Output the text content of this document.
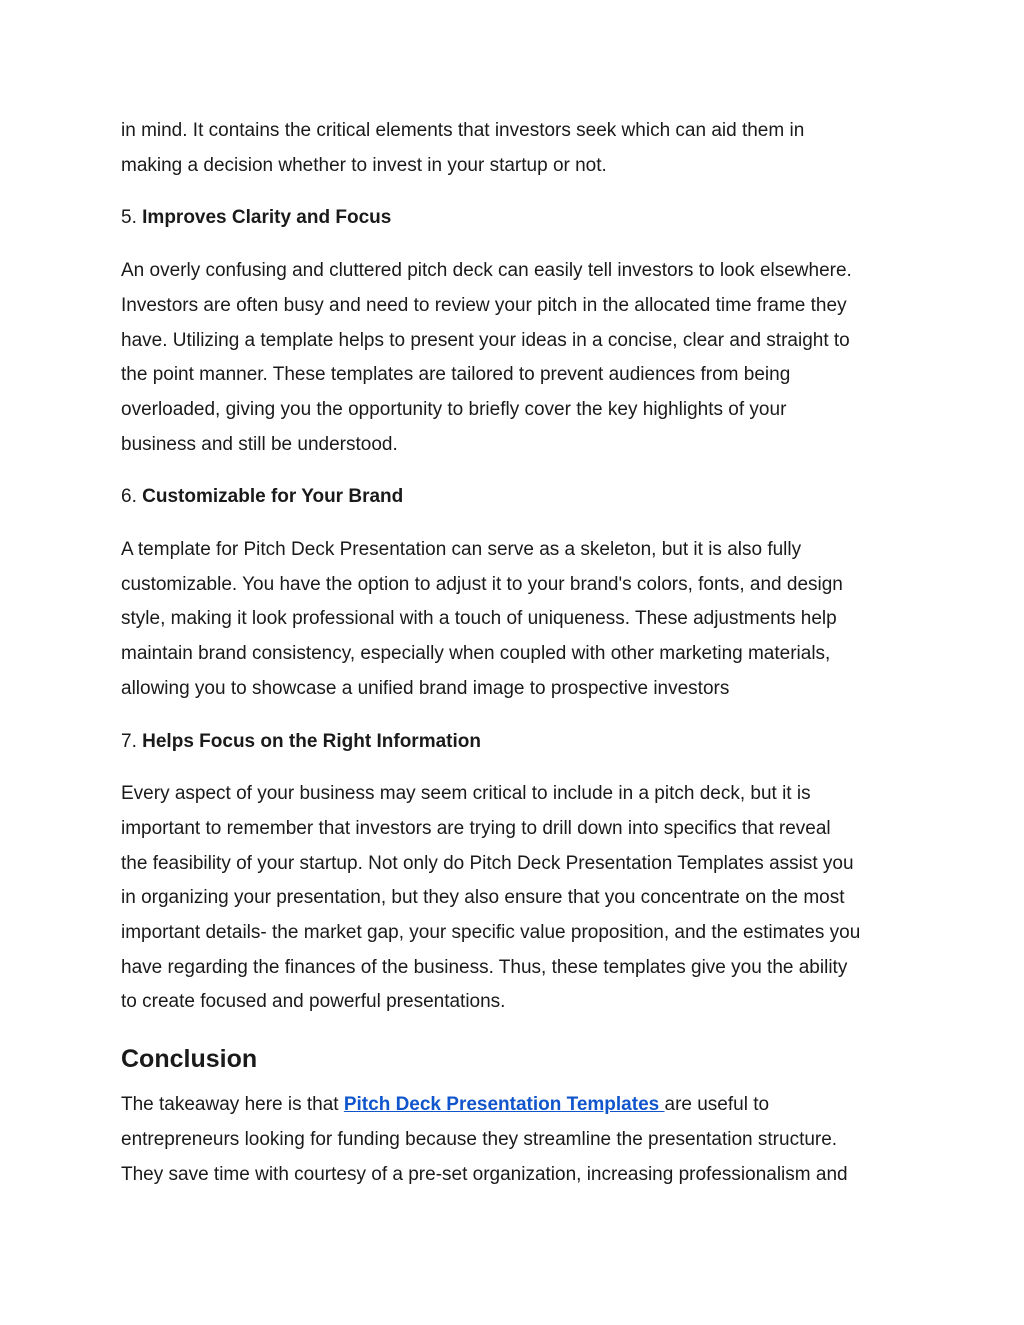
in mind. It contains the critical elements that investors seek which can aid them in
making a decision whether to invest in your startup or not.

5. Improves Clarity and Focus

An overly confusing and cluttered pitch deck can easily tell investors to look elsewhere.
Investors are often busy and need to review your pitch in the allocated time frame they
have. Utilizing a template helps to present your ideas in a concise, clear and straight to
the point manner. These templates are tailored to prevent audiences from being
overloaded, giving you the opportunity to briefly cover the key highlights of your
business and still be understood.

6. Customizable for Your Brand

A template for Pitch Deck Presentation can serve as a skeleton, but it is also fully
customizable. You have the option to adjust it to your brand's colors, fonts, and design
style, making it look professional with a touch of uniqueness. These adjustments help
maintain brand consistency, especially when coupled with other marketing materials,
allowing you to showcase a unified brand image to prospective investors

7. Helps Focus on the Right Information

Every aspect of your business may seem critical to include in a pitch deck, but it is
important to remember that investors are trying to drill down into specifics that reveal
the feasibility of your startup. Not only do Pitch Deck Presentation Templates assist you
in organizing your presentation, but they also ensure that you concentrate on the most
important details- the market gap, your specific value proposition, and the estimates you
have regarding the finances of the business. Thus, these templates give you the ability
to create focused and powerful presentations.

Conclusion

The takeaway here is that Pitch Deck Presentation Templates are useful to
entrepreneurs looking for funding because they streamline the presentation structure.
They save time with courtesy of a pre-set organization, increasing professionalism and
